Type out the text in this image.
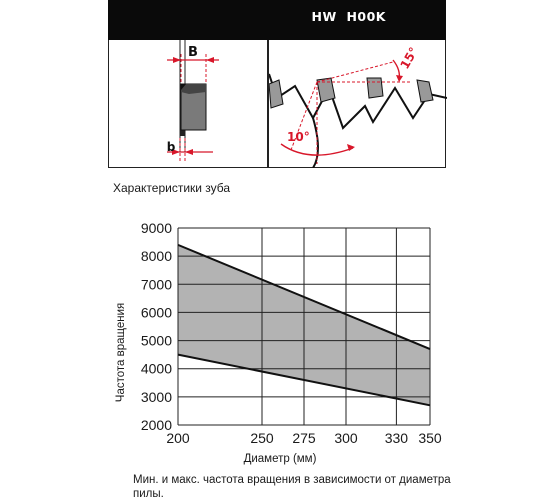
HW  H00K
B
b
15°
10°
Характеристики зуба
200	250 275 300 330 350
2000
3000
4000
5000
6000
7000
8000
9000
Диаметр (мм)
Частота вращения
Мин. и макс. частота вращения в зависимости от диаметра пилы.
